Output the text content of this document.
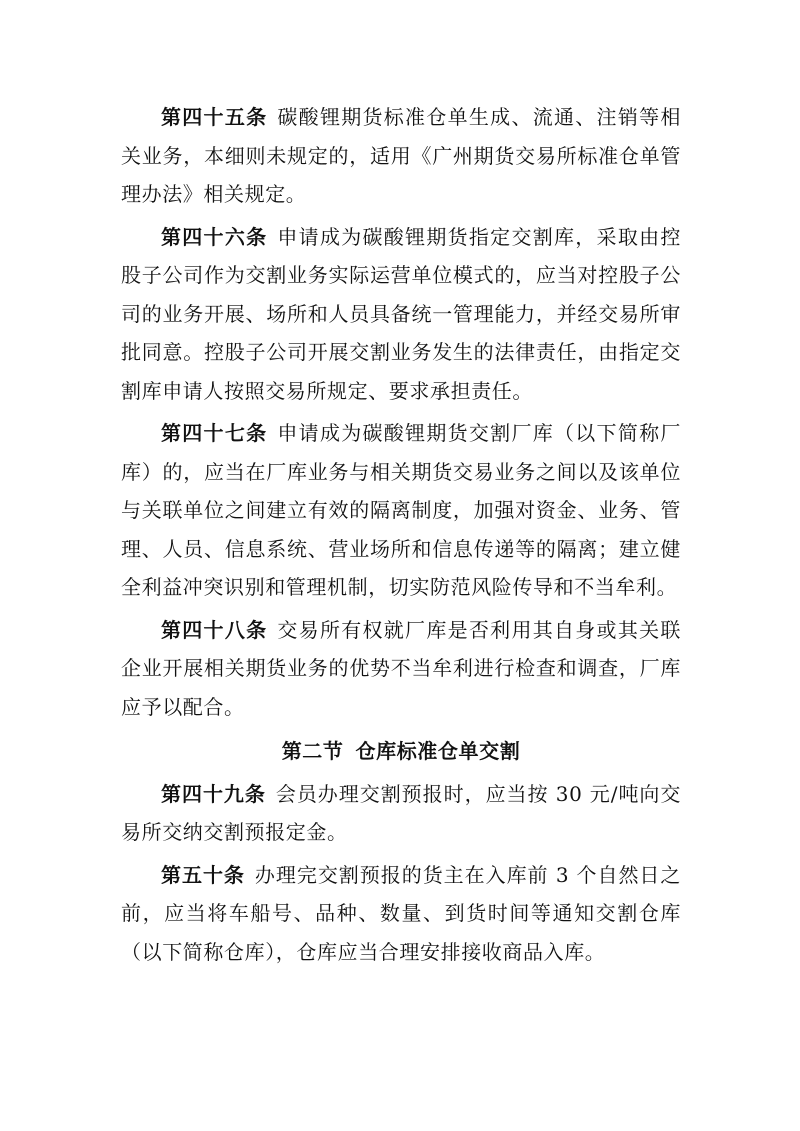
第四十五条 碳酸锂期货标准仓单生成、流通、注销等相关业务，本细则未规定的，适用《广州期货交易所标准仓单管理办法》相关规定。

第四十六条 申请成为碳酸锂期货指定交割库，采取由控股子公司作为交割业务实际运营单位模式的，应当对控股子公司的业务开展、场所和人员具备统一管理能力，并经交易所审批同意。控股子公司开展交割业务发生的法律责任，由指定交割库申请人按照交易所规定、要求承担责任。

第四十七条 申请成为碳酸锂期货交割厂库（以下简称厂库）的，应当在厂库业务与相关期货交易业务之间以及该单位与关联单位之间建立有效的隔离制度，加强对资金、业务、管理、人员、信息系统、营业场所和信息传递等的隔离；建立健全利益冲突识别和管理机制，切实防范风险传导和不当牟利。

第四十八条 交易所有权就厂库是否利用其自身或其关联企业开展相关期货业务的优势不当牟利进行检查和调查，厂库应予以配合。

第二节 仓库标准仓单交割

第四十九条 会员办理交割预报时，应当按 30 元/吨向交易所交纳交割预报定金。

第五十条 办理完交割预报的货主在入库前 3 个自然日之前，应当将车船号、品种、数量、到货时间等通知交割仓库（以下简称仓库），仓库应当合理安排接收商品入库。
